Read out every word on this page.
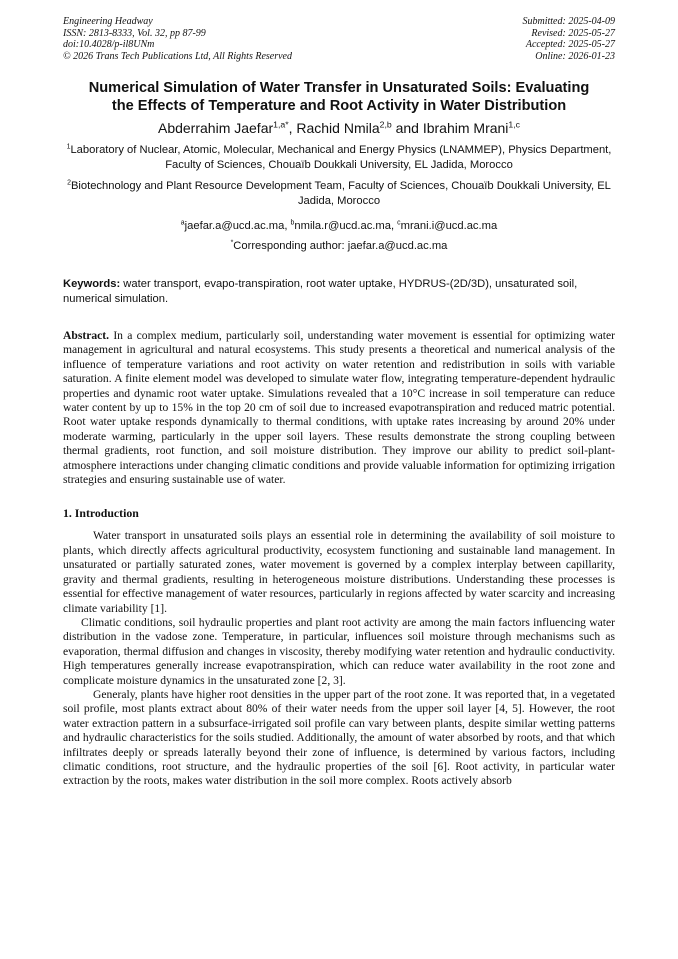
Engineering Headway
ISSN: 2813-8333, Vol. 32, pp 87-99
doi:10.4028/p-il8UNm
© 2026 Trans Tech Publications Ltd, All Rights Reserved
Submitted: 2025-04-09
Revised: 2025-05-27
Accepted: 2025-05-27
Online: 2026-01-23
Numerical Simulation of Water Transfer in Unsaturated Soils: Evaluating
the Effects of Temperature and Root Activity in Water Distribution
Abderrahim Jaefar$^{1,a*}$, Rachid Nmila$^{2,b}$ and Ibrahim Mrani$^{1,c}$
$^1$Laboratory of Nuclear, Atomic, Molecular, Mechanical and Energy Physics (LNAMMEP), Physics Department, Faculty of Sciences, Chouaïb Doukkali University, EL Jadida, Morocco
$^2$Biotechnology and Plant Resource Development Team, Faculty of Sciences, Chouaïb Doukkali University, EL Jadida, Morocco
$^a$jaefar.a@ucd.ac.ma, $^b$nmila.r@ucd.ac.ma, $^c$mrani.i@ucd.ac.ma
*Corresponding author: jaefar.a@ucd.ac.ma
Keywords: water transport, evapo-transpiration, root water uptake, HYDRUS-(2D/3D), unsaturated soil, numerical simulation.
Abstract. In a complex medium, particularly soil, understanding water movement is essential for optimizing water management in agricultural and natural ecosystems. This study presents a theoretical and numerical analysis of the influence of temperature variations and root activity on water retention and redistribution in soils with variable saturation. A finite element model was developed to simulate water flow, integrating temperature-dependent hydraulic properties and dynamic root water uptake. Simulations revealed that a 10°C increase in soil temperature can reduce water content by up to 15% in the top 20 cm of soil due to increased evapotranspiration and reduced matric potential. Root water uptake responds dynamically to thermal conditions, with uptake rates increasing by around 20% under moderate warming, particularly in the upper soil layers. These results demonstrate the strong coupling between thermal gradients, root function, and soil moisture distribution. They improve our ability to predict soil-plant-atmosphere interactions under changing climatic conditions and provide valuable information for optimizing irrigation strategies and ensuring sustainable use of water.
1. Introduction

Water transport in unsaturated soils plays an essential role in determining the availability of soil moisture to plants, which directly affects agricultural productivity, ecosystem functioning and sustainable land management. In unsaturated or partially saturated zones, water movement is governed by a complex interplay between capillarity, gravity and thermal gradients, resulting in heterogeneous moisture distributions. Understanding these processes is essential for effective management of water resources, particularly in regions affected by water scarcity and increasing climate variability [1].

Climatic conditions, soil hydraulic properties and plant root activity are among the main factors influencing water distribution in the vadose zone. Temperature, in particular, influences soil moisture through mechanisms such as evaporation, thermal diffusion and changes in viscosity, thereby modifying water retention and hydraulic conductivity. High temperatures generally increase evapotranspiration, which can reduce water availability in the root zone and complicate moisture dynamics in the unsaturated zone [2, 3].

Generaly, plants have higher root densities in the upper part of the root zone. It was reported that, in a vegetated soil profile, most plants extract about 80% of their water needs from the upper soil layer [4, 5]. However, the root water extraction pattern in a subsurface-irrigated soil profile can vary between plants, despite similar wetting patterns and hydraulic characteristics for the soils studied. Additionally, the amount of water absorbed by roots, and that which infiltrates deeply or spreads laterally beyond their zone of influence, is determined by various factors, including climatic conditions, root structure, and the hydraulic properties of the soil [6]. Root activity, in particular water extraction by the roots, makes water distribution in the soil more complex. Roots actively absorb
